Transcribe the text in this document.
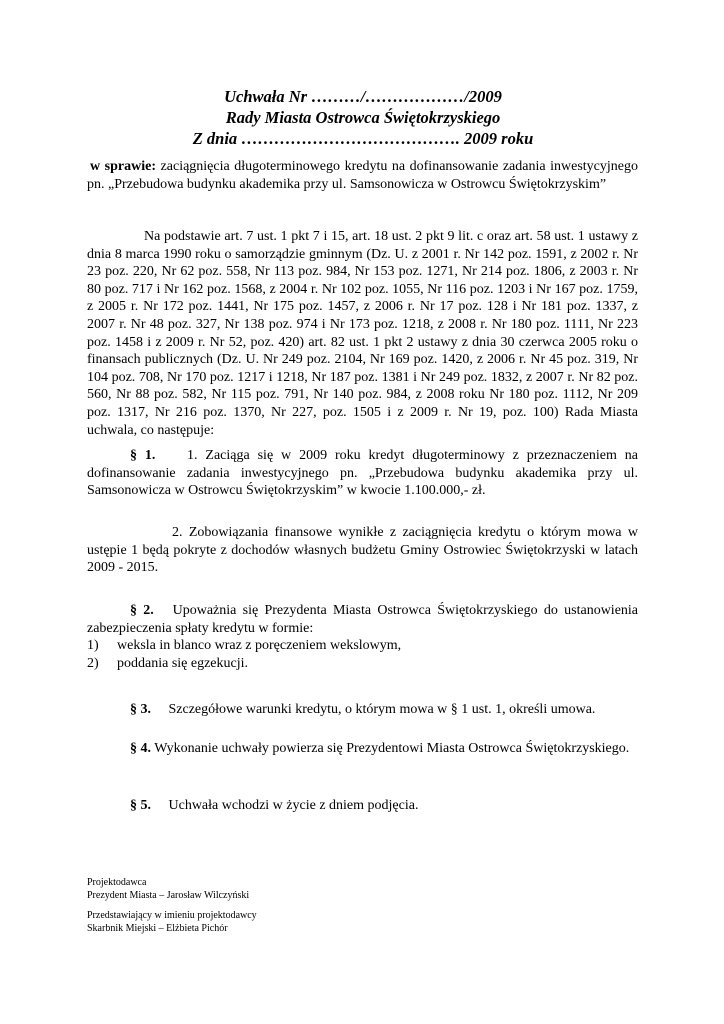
Uchwała Nr ………/………………/2009
Rady Miasta Ostrowca Świętokrzyskiego
Z dnia …………………………………. 2009 roku
w sprawie: zaciągnięcia długoterminowego kredytu na dofinansowanie zadania inwestycyjnego pn. „Przebudowa budynku akademika przy ul. Samsonowicza w Ostrowcu Świętokrzyskim”
Na podstawie art. 7 ust. 1 pkt 7 i 15, art. 18 ust. 2 pkt 9 lit. c oraz art. 58 ust. 1 ustawy z dnia 8 marca 1990 roku o samorządzie gminnym (Dz. U. z 2001 r. Nr 142 poz. 1591, z 2002 r. Nr 23 poz. 220, Nr 62 poz. 558, Nr 113 poz. 984, Nr 153 poz. 1271, Nr 214 poz. 1806, z 2003 r. Nr 80 poz. 717 i Nr 162 poz. 1568, z 2004 r. Nr 102 poz. 1055, Nr 116 poz. 1203 i Nr 167 poz. 1759, z 2005 r. Nr 172 poz. 1441, Nr 175 poz. 1457, z 2006 r. Nr 17 poz. 128 i Nr 181 poz. 1337, z 2007 r. Nr 48 poz. 327, Nr 138 poz. 974 i Nr 173 poz. 1218, z 2008 r. Nr 180 poz. 1111, Nr 223 poz. 1458 i z 2009 r. Nr 52, poz. 420) art. 82 ust. 1 pkt 2 ustawy z dnia 30 czerwca 2005 roku o finansach publicznych (Dz. U. Nr 249 poz. 2104, Nr 169 poz. 1420, z 2006 r. Nr 45 poz. 319, Nr 104 poz. 708, Nr 170 poz. 1217 i 1218, Nr 187 poz. 1381 i Nr 249 poz. 1832, z 2007 r. Nr 82 poz. 560, Nr 88 poz. 582, Nr 115 poz. 791, Nr 140 poz. 984, z 2008 roku Nr 180 poz. 1112, Nr 209 poz. 1317, Nr 216 poz. 1370, Nr 227, poz. 1505 i z 2009 r. Nr 19, poz. 100) Rada Miasta uchwala, co następuje:
§ 1. 1. Zaciąga się w 2009 roku kredyt długoterminowy z przeznaczeniem na dofinansowanie zadania inwestycyjnego pn. „Przebudowa budynku akademika przy ul. Samsonowicza w Ostrowcu Świętokrzyskim” w kwocie 1.100.000,- zł.
2. Zobowiązania finansowe wynikłe z zaciągnięcia kredytu o którym mowa w ustępie 1 będą pokryte z dochodów własnych budżetu Gminy Ostrowiec Świętokrzyski w latach 2009 - 2015.
§ 2. Upoważnia się Prezydenta Miasta Ostrowca Świętokrzyskiego do ustanowienia zabezpieczenia spłaty kredytu w formie:
1)	weksla in blanco wraz z poręczeniem wekslowym,
2)	poddania się egzekucji.
§ 3. Szczegółowe warunki kredytu, o którym mowa w § 1 ust. 1, określi umowa.
§ 4. Wykonanie uchwały powierza się Prezydentowi Miasta Ostrowca Świętokrzyskiego.
§ 5. Uchwała wchodzi w życie z dniem podjęcia.
Projektodawca
Prezydent Miasta – Jarosław Wilczyński
Przedstawiający w imieniu projektodawcy
Skarbnik Miejski – Elżbieta Pichór
